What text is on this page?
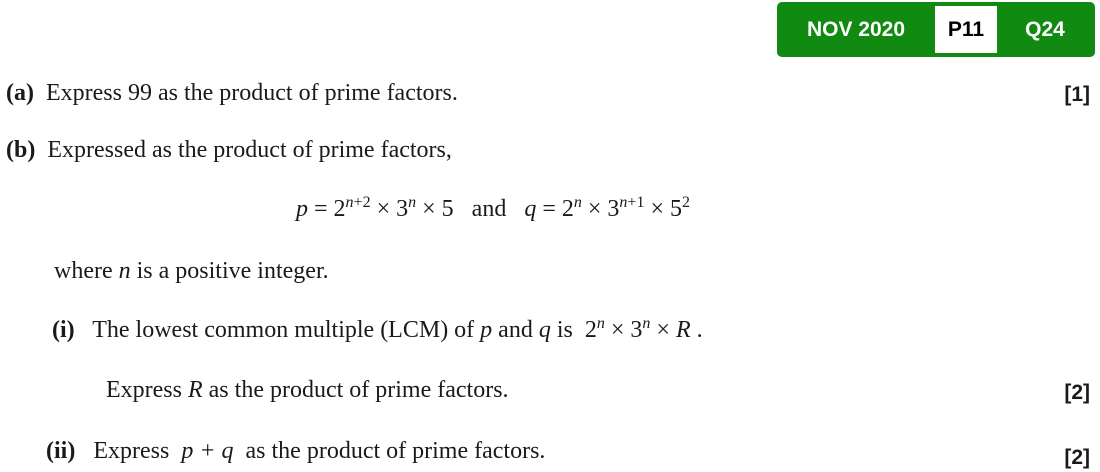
NOV 2020	P11	Q24
(a) Express 99 as the product of prime factors.	[1]
(b) Expressed as the product of prime factors,
$p = 2^{n+2} \times 3^n \times 5$   and $q = 2^n \times 3^{n+1} \times 5^2$
where n is a positive integer.
(i) The lowest common multiple (LCM) of p and q is $2^n \times 3^n \times R$ .
Express R as the product of prime factors.	[2]
(ii) Express p + q as the product of prime factors.	[2]
